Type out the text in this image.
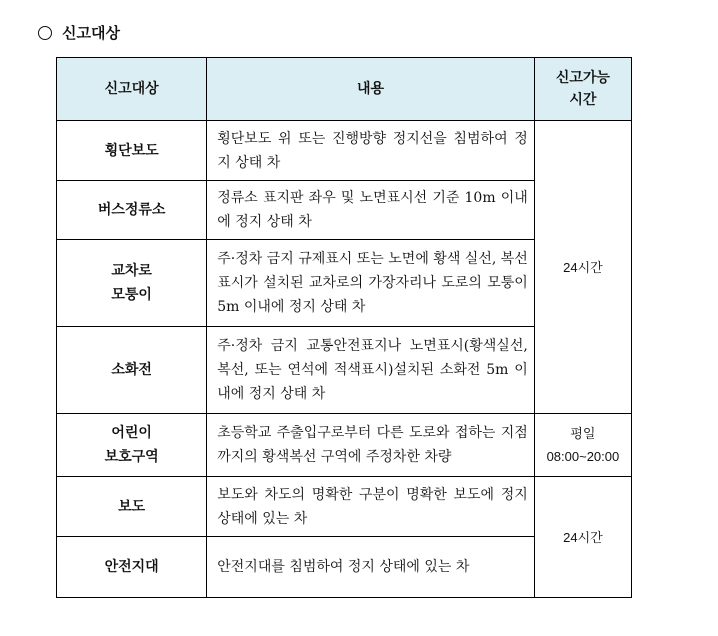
신고대상
신고대상	내용	신고가능
시간

횡단보도	횡단보도 위 또는 진행방향 정지선을 침범하여 정지 상태 차	24시간

버스정류소	정류소 표지판 좌우 및 노면표시선 기준 10m 이내에 정지 상태 차	

교차로
모퉁이	주·정차 금지 규제표시 또는 노면에 황색 실선, 복선 표시가 설치된 교차로의 가장자리나 도로의 모퉁이 5m 이내에 정지 상태 차	

소화전	주·정차 금지 교통안전표지나 노면표시(황색실선, 복선, 또는 연석에 적색표시)설치된 소화전 5m 이내에 정지 상태 차	

어린이
보호구역	초등학교 주출입구로부터 다른 도로와 접하는 지점까지의 황색복선 구역에 주정차한 차량	평일
08:00~20:00

보도	보도와 차도의 명확한 구분이 명확한 보도에 정지 상태에 있는 차	24시간

안전지대	안전지대를 침범하여 정지 상태에 있는 차	
